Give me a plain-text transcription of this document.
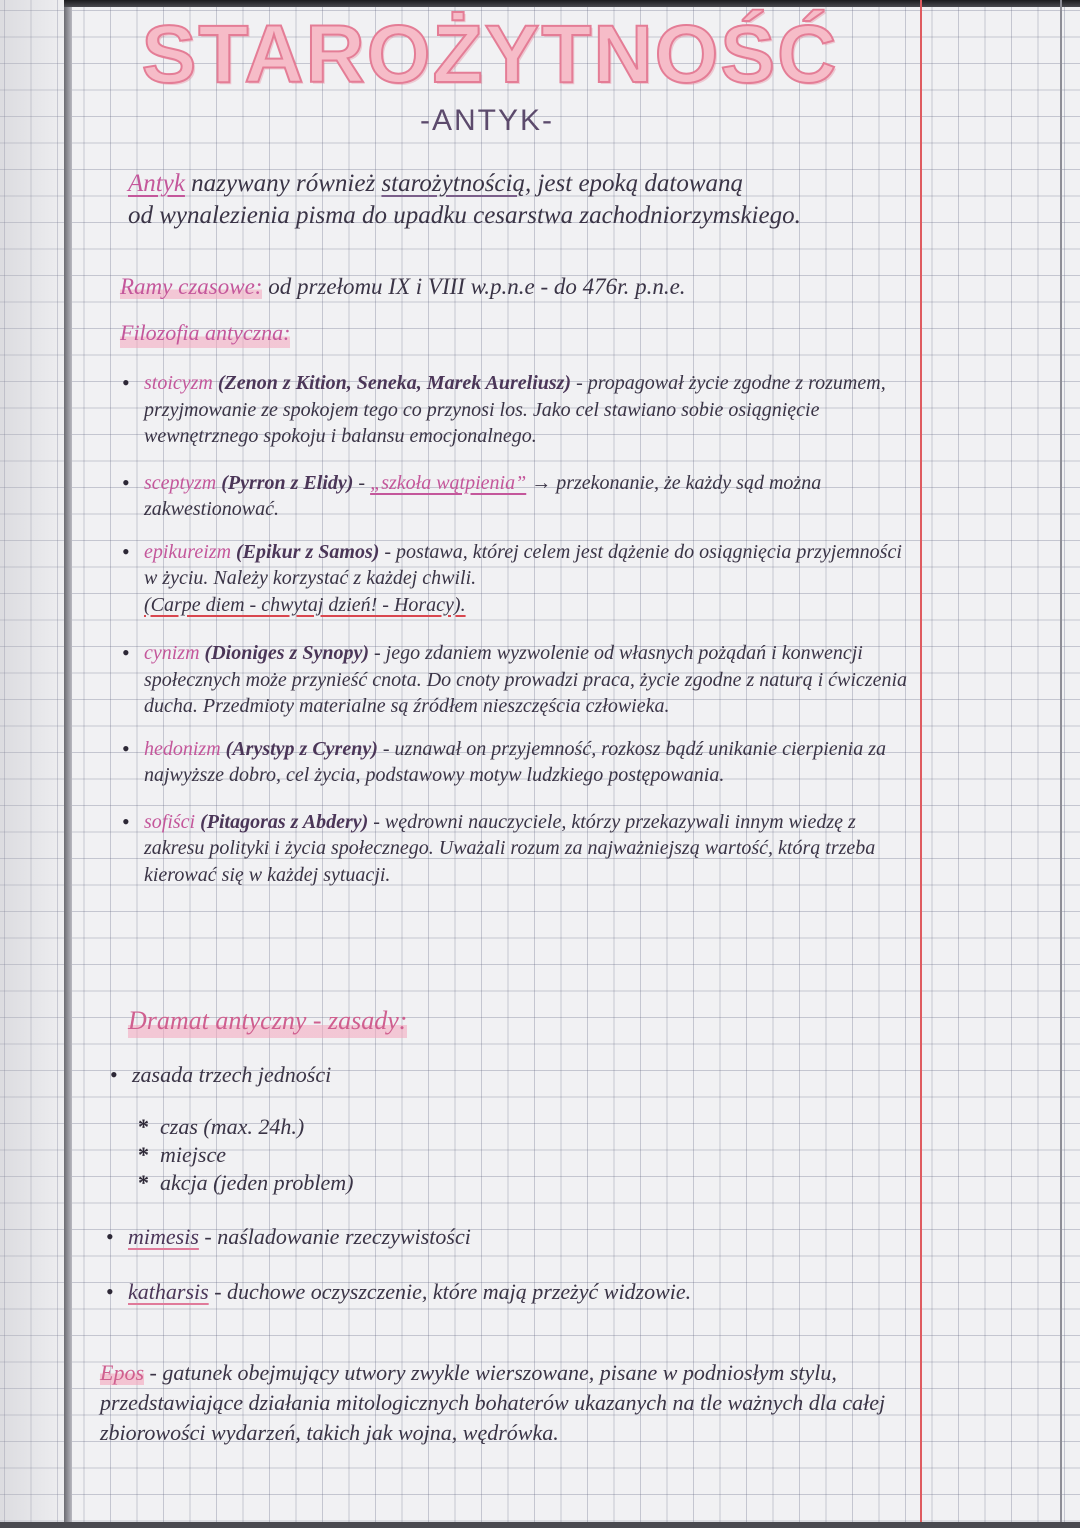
STAROŻYTNOŚĆ
-ANTYK-
Antyk nazywany również starożytnością, jest epoką datowaną
od wynalezienia pisma do upadku cesarstwa zachodniorzymskiego.
Ramy czasowe: od przełomu IX i VIII w.p.n.e - do 476r. p.n.e.
Filozofia antyczna:
• stoicyzm (Zenon z Kition, Seneka, Marek Aureliusz) - propagował życie zgodne z rozumem, przyjmowanie ze spokojem tego co przynosi los. Jako cel stawiano sobie osiągnięcie wewnętrznego spokoju i balansu emocjonalnego.
• sceptyzm (Pyrron z Elidy) - „szkoła wątpienia” → przekonanie, że każdy sąd można zakwestionować.
• epikureizm (Epikur z Samos) - postawa, której celem jest dążenie do osiągnięcia przyjemności w życiu. Należy korzystać z każdej chwili.
(Carpe diem - chwytaj dzień! - Horacy).
• cynizm (Dioniges z Synopy) - jego zdaniem wyzwolenie od własnych pożądań i konwencji społecznych może przynieść cnota. Do cnoty prowadzi praca, życie zgodne z naturą i ćwiczenia ducha. Przedmioty materialne są źródłem nieszczęścia człowieka.
• hedonizm (Arystyp z Cyreny) - uznawał on przyjemność, rozkosz bądź unikanie cierpienia za najwyższe dobro, cel życia, podstawowy motyw ludzkiego postępowania.
• sofiści (Pitagoras z Abdery) - wędrowni nauczyciele, którzy przekazywali innym wiedzę z zakresu polityki i życia społecznego. Uważali rozum za najważniejszą wartość, którą trzeba kierować się w każdej sytuacji.
Dramat antyczny - zasady:
• zasada trzech jedności
* czas (max. 24h.)
* miejsce
* akcja (jeden problem)
• mimesis - naśladowanie rzeczywistości
• katharsis - duchowe oczyszczenie, które mają przeżyć widzowie.
Epos - gatunek obejmujący utwory zwykle wierszowane, pisane w podniosłym stylu, przedstawiające działania mitologicznych bohaterów ukazanych na tle ważnych dla całej zbiorowości wydarzeń, takich jak wojna, wędrówka.
